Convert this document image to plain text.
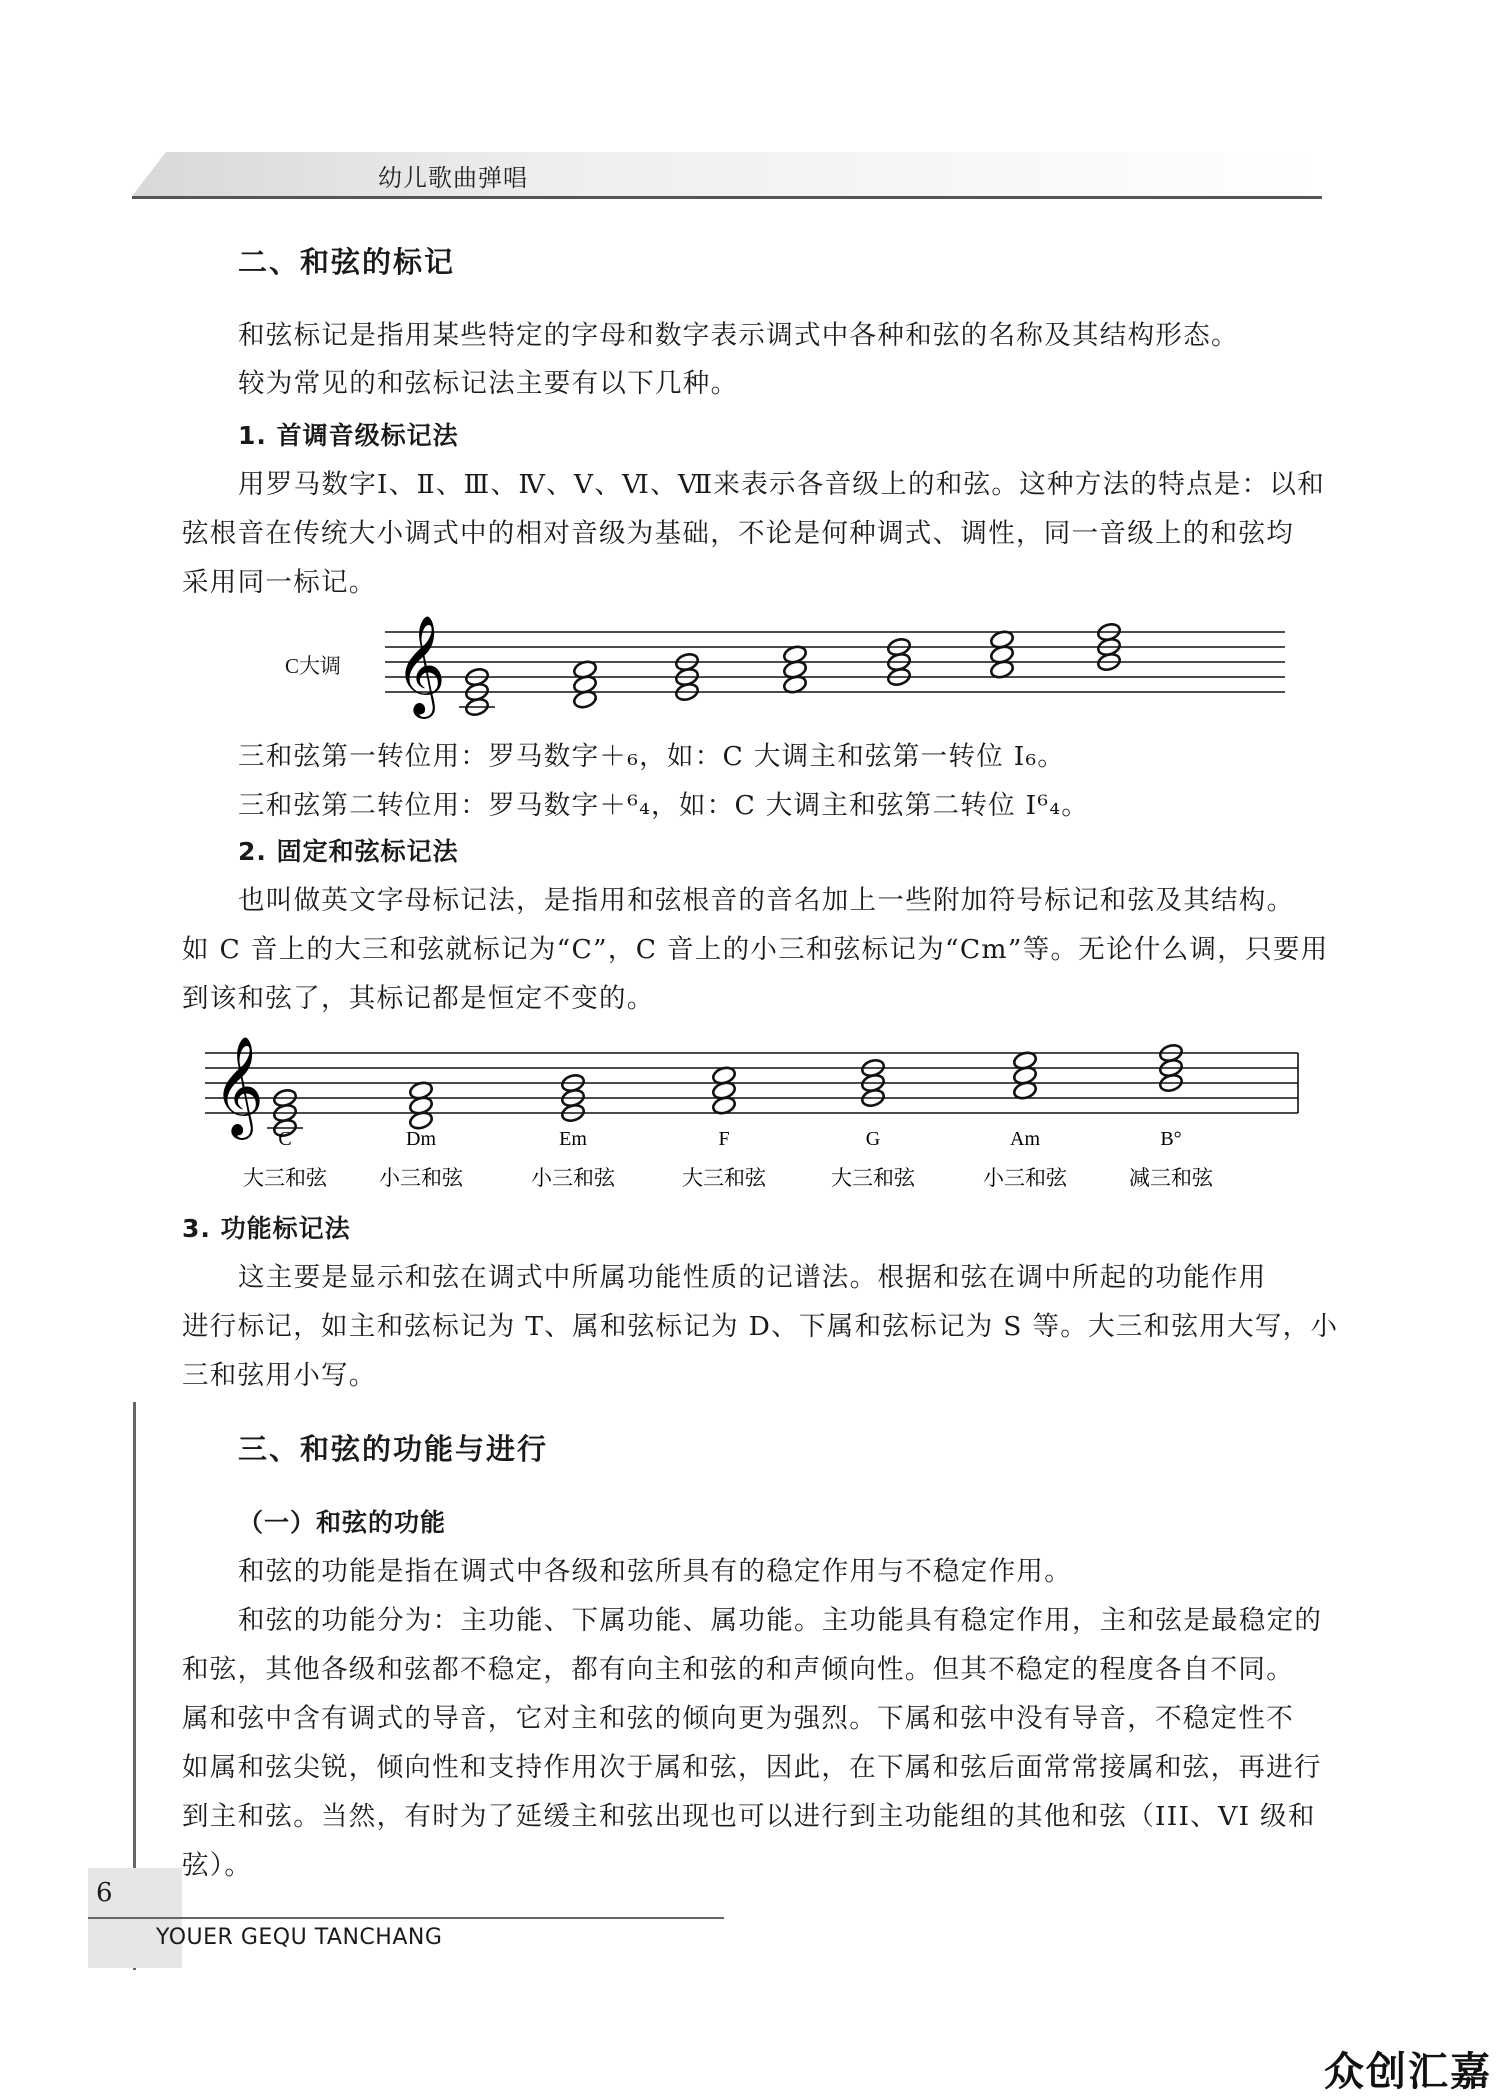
幼儿歌曲弹唱
二、和弦的标记
和弦标记是指用某些特定的字母和数字表示调式中各种和弦的名称及其结构形态。
较为常见的和弦标记法主要有以下几种。
1. 首调音级标记法
用罗马数字Ⅰ、Ⅱ、Ⅲ、Ⅳ、Ⅴ、Ⅵ、Ⅶ来表示各音级上的和弦。这种方法的特点是：以和
弦根音在传统大小调式中的相对音级为基础，不论是何种调式、调性，同一音级上的和弦均
采用同一标记。
C大调 𝄞
三和弦第一转位用：罗马数字＋₆，如：C 大调主和弦第一转位 I₆。
三和弦第二转位用：罗马数字＋⁶₄，如：C 大调主和弦第二转位 I⁶₄。
2. 固定和弦标记法
也叫做英文字母标记法，是指用和弦根音的音名加上一些附加符号标记和弦及其结构。
如 C 音上的大三和弦就标记为“C”，C 音上的小三和弦标记为“Cm”等。无论什么调，只要用
到该和弦了，其标记都是恒定不变的。
𝄞
C
大三和弦
Dm
小三和弦
Em
小三和弦
F
大三和弦
G
大三和弦
Am
小三和弦
B°
减三和弦
3. 功能标记法
这主要是显示和弦在调式中所属功能性质的记谱法。根据和弦在调中所起的功能作用
进行标记，如主和弦标记为 T、属和弦标记为 D、下属和弦标记为 S 等。大三和弦用大写，小
三和弦用小写。
三、和弦的功能与进行
（一）和弦的功能
和弦的功能是指在调式中各级和弦所具有的稳定作用与不稳定作用。
和弦的功能分为：主功能、下属功能、属功能。主功能具有稳定作用，主和弦是最稳定的
和弦，其他各级和弦都不稳定，都有向主和弦的和声倾向性。但其不稳定的程度各自不同。
属和弦中含有调式的导音，它对主和弦的倾向更为强烈。下属和弦中没有导音，不稳定性不
如属和弦尖锐，倾向性和支持作用次于属和弦，因此，在下属和弦后面常常接属和弦，再进行
到主和弦。当然，有时为了延缓主和弦出现也可以进行到主功能组的其他和弦（III、VI 级和
弦）。
6
YOUER GEQU TANCHANG
众创汇嘉
